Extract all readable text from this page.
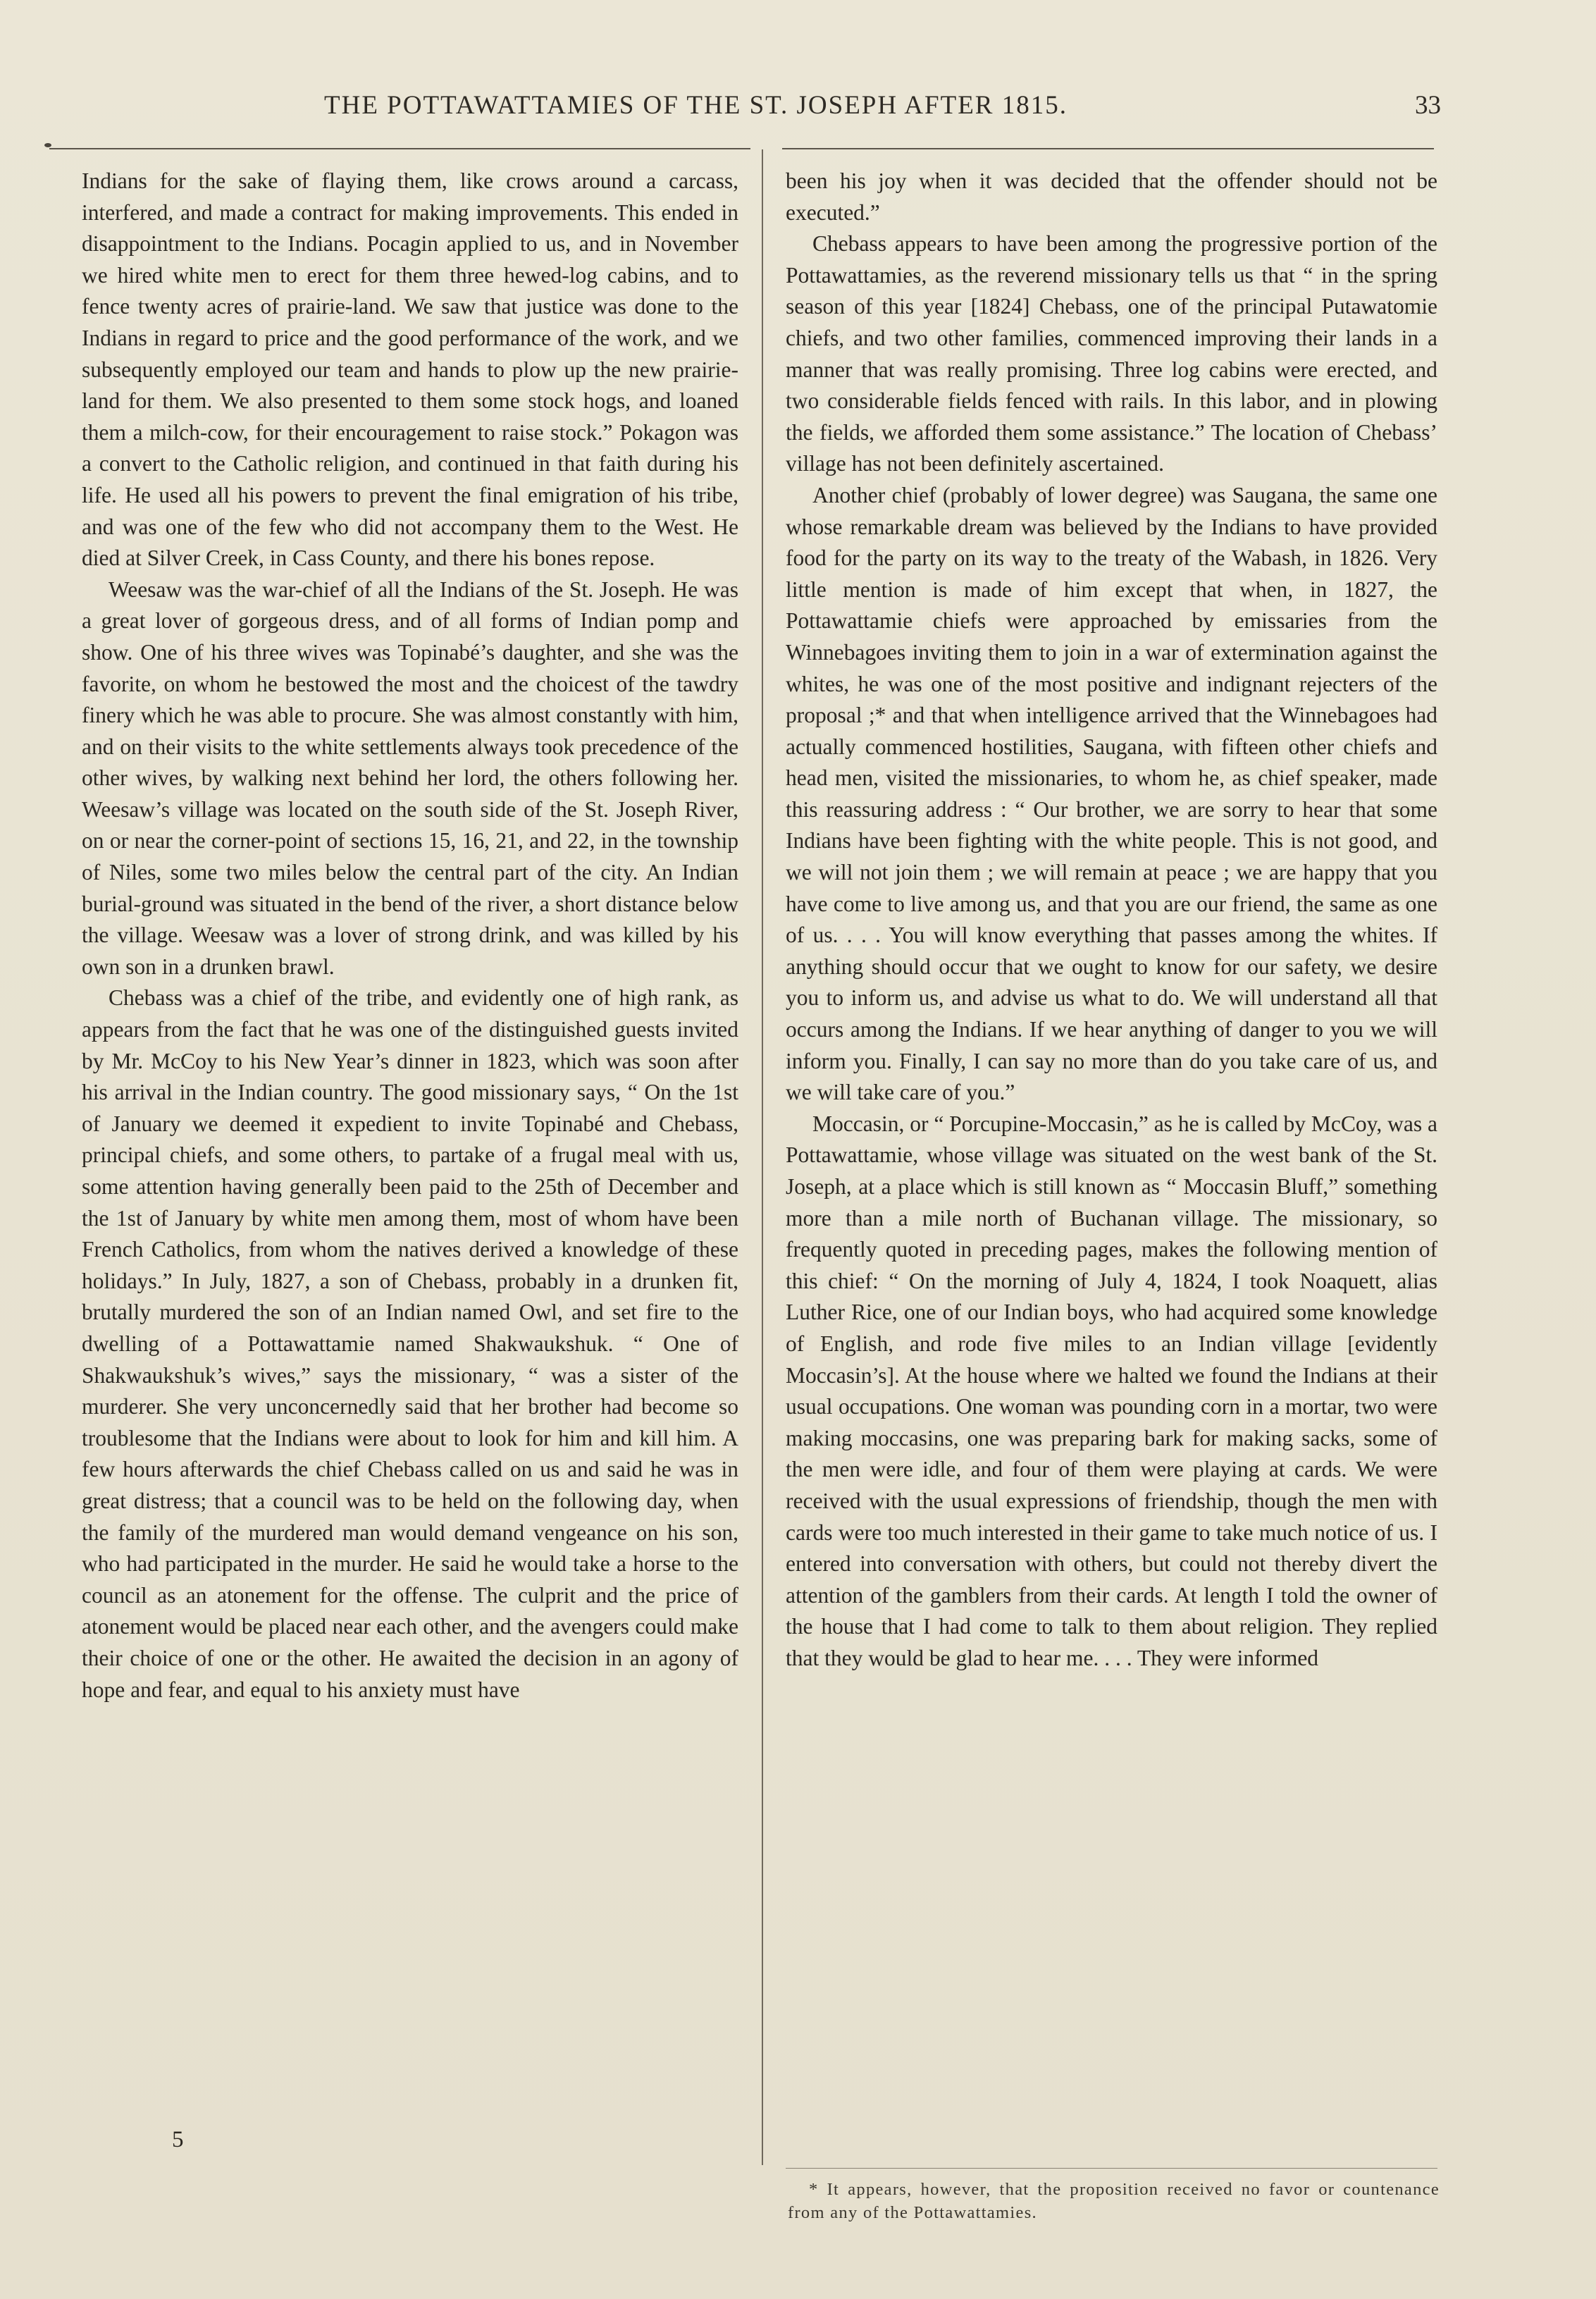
THE POTTAWATTAMIES OF THE ST. JOSEPH AFTER 1815.	33

Indians for the sake of flaying them, like crows around a carcass, interfered, and made a contract for making improvements. This ended in disappointment to the Indians. Pocagin applied to us, and in November we hired white men to erect for them three hewed-log cabins, and to fence twenty acres of prairie-land. We saw that justice was done to the Indians in regard to price and the good performance of the work, and we subsequently employed our team and hands to plow up the new prairie-land for them. We also presented to them some stock hogs, and loaned them a milch-cow, for their encouragement to raise stock.” Pokagon was a convert to the Catholic religion, and continued in that faith during his life. He used all his powers to prevent the final emigration of his tribe, and was one of the few who did not accompany them to the West. He died at Silver Creek, in Cass County, and there his bones repose.

Weesaw was the war-chief of all the Indians of the St. Joseph. He was a great lover of gorgeous dress, and of all forms of Indian pomp and show. One of his three wives was Topinabé’s daughter, and she was the favorite, on whom he bestowed the most and the choicest of the tawdry finery which he was able to procure. She was almost constantly with him, and on their visits to the white settlements always took precedence of the other wives, by walking next behind her lord, the others following her. Weesaw’s village was located on the south side of the St. Joseph River, on or near the corner-point of sections 15, 16, 21, and 22, in the township of Niles, some two miles below the central part of the city. An Indian burial-ground was situated in the bend of the river, a short distance below the village. Weesaw was a lover of strong drink, and was killed by his own son in a drunken brawl.

Chebass was a chief of the tribe, and evidently one of high rank, as appears from the fact that he was one of the distinguished guests invited by Mr. McCoy to his New Year’s dinner in 1823, which was soon after his arrival in the Indian country. The good missionary says, “ On the 1st of January we deemed it expedient to invite Topinabé and Chebass, principal chiefs, and some others, to partake of a frugal meal with us, some attention having generally been paid to the 25th of December and the 1st of January by white men among them, most of whom have been French Catholics, from whom the natives derived a knowledge of these holidays.” In July, 1827, a son of Chebass, probably in a drunken fit, brutally murdered the son of an Indian named Owl, and set fire to the dwelling of a Pottawattamie named Shakwaukshuk. “ One of Shakwaukshuk’s wives,” says the missionary, “ was a sister of the murderer. She very unconcernedly said that her brother had become so troublesome that the Indians were about to look for him and kill him. A few hours afterwards the chief Chebass called on us and said he was in great distress; that a council was to be held on the following day, when the family of the murdered man would demand vengeance on his son, who had participated in the murder. He said he would take a horse to the council as an atonement for the offense. The culprit and the price of atonement would be placed near each other, and the avengers could make their choice of one or the other. He awaited the decision in an agony of hope and fear, and equal to his anxiety must have

been his joy when it was decided that the offender should not be executed.”

Chebass appears to have been among the progressive portion of the Pottawattamies, as the reverend missionary tells us that “ in the spring season of this year [1824] Chebass, one of the principal Putawatomie chiefs, and two other families, commenced improving their lands in a manner that was really promising. Three log cabins were erected, and two considerable fields fenced with rails. In this labor, and in plowing the fields, we afforded them some assistance.” The location of Chebass’ village has not been definitely ascertained.

Another chief (probably of lower degree) was Saugana, the same one whose remarkable dream was believed by the Indians to have provided food for the party on its way to the treaty of the Wabash, in 1826. Very little mention is made of him except that when, in 1827, the Pottawattamie chiefs were approached by emissaries from the Winnebagoes inviting them to join in a war of extermination against the whites, he was one of the most positive and indignant rejecters of the proposal ;* and that when intelligence arrived that the Winnebagoes had actually commenced hostilities, Saugana, with fifteen other chiefs and head men, visited the missionaries, to whom he, as chief speaker, made this reassuring address : “ Our brother, we are sorry to hear that some Indians have been fighting with the white people. This is not good, and we will not join them ; we will remain at peace ; we are happy that you have come to live among us, and that you are our friend, the same as one of us. . . . You will know everything that passes among the whites. If anything should occur that we ought to know for our safety, we desire you to inform us, and advise us what to do. We will understand all that occurs among the Indians. If we hear anything of danger to you we will inform you. Finally, I can say no more than do you take care of us, and we will take care of you.”

Moccasin, or “ Porcupine-Moccasin,” as he is called by McCoy, was a Pottawattamie, whose village was situated on the west bank of the St. Joseph, at a place which is still known as “ Moccasin Bluff,” something more than a mile north of Buchanan village. The missionary, so frequently quoted in preceding pages, makes the following mention of this chief: “ On the morning of July 4, 1824, I took Noaquett, alias Luther Rice, one of our Indian boys, who had acquired some knowledge of English, and rode five miles to an Indian village [evidently Moccasin’s]. At the house where we halted we found the Indians at their usual occupations. One woman was pounding corn in a mortar, two were making moccasins, one was preparing bark for making sacks, some of the men were idle, and four of them were playing at cards. We were received with the usual expressions of friendship, though the men with cards were too much interested in their game to take much notice of us. I entered into conversation with others, but could not thereby divert the attention of the gamblers from their cards. At length I told the owner of the house that I had come to talk to them about religion. They replied that they would be glad to hear me. . . . They were informed

5
* It appears, however, that the proposition received no favor or countenance from any of the Pottawattamies.
